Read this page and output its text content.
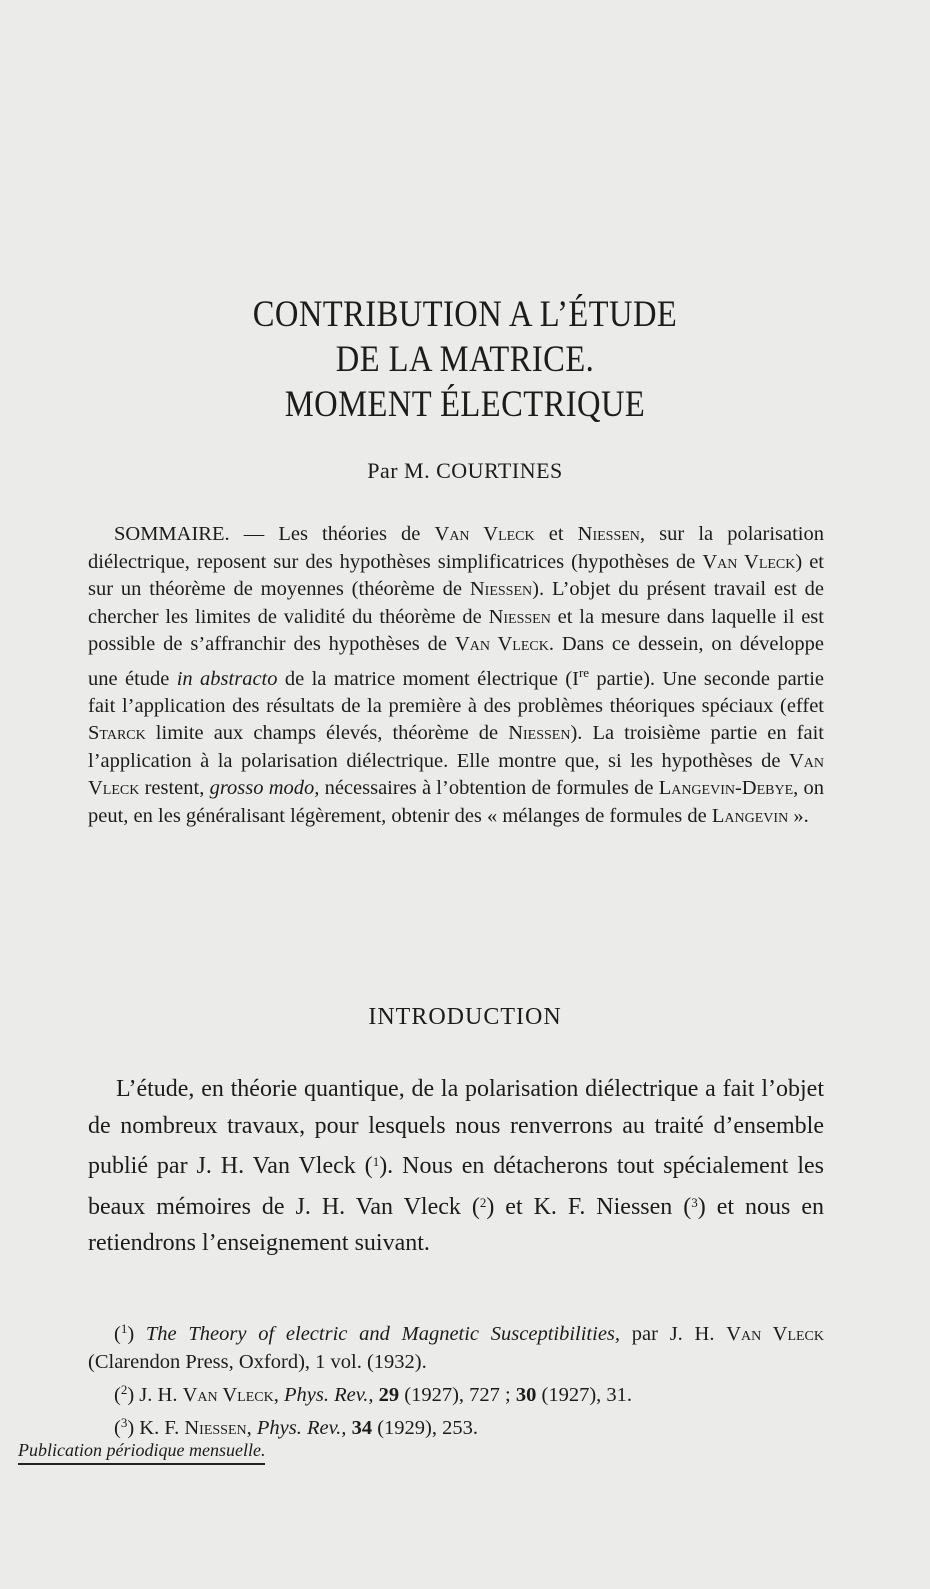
CONTRIBUTION A L’ÉTUDE
DE LA MATRICE.
MOMENT ÉLECTRIQUE
Par M. COURTINES
SOMMAIRE. — Les théories de Van Vleck et Niessen, sur la polarisation diélectrique, reposent sur des hypothèses simplificatrices (hypothèses de Van Vleck) et sur un théorème de moyennes (théorème de Niessen). L’objet du présent travail est de chercher les limites de validité du théorème de Niessen et la mesure dans laquelle il est possible de s’affranchir des hypothèses de Van Vleck. Dans ce dessein, on développe une étude in abstracto de la matrice moment électrique (Ire partie). Une seconde partie fait l’application des résultats de la première à des problèmes théoriques spéciaux (effet Starck limite aux champs élevés, théorème de Niessen). La troisième partie en fait l’application à la polarisation diélectrique. Elle montre que, si les hypothèses de Van Vleck restent, grosso modo, nécessaires à l’obtention de formules de Langevin-Debye, on peut, en les généralisant légèrement, obtenir des « mélanges de formules de Langevin ».
INTRODUCTION
L’étude, en théorie quantique, de la polarisation diélectrique a fait l’objet de nombreux travaux, pour lesquels nous renverrons au traité d’ensemble publié par J. H. Van Vleck ($^1$). Nous en détacherons tout spécialement les beaux mémoires de J. H. Van Vleck ($^2$) et K. F. Niessen ($^3$) et nous en retiendrons l’enseignement suivant.
($^1$) The Theory of electric and Magnetic Susceptibilities, par J. H. Van Vleck (Clarendon Press, Oxford), 1 vol. (1932).
($^2$) J. H. Van Vleck, Phys. Rev., 29 (1927), 727 ; 30 (1927), 31.
($^3$) K. F. Niessen, Phys. Rev., 34 (1929), 253.
Publication périodique mensuelle.
